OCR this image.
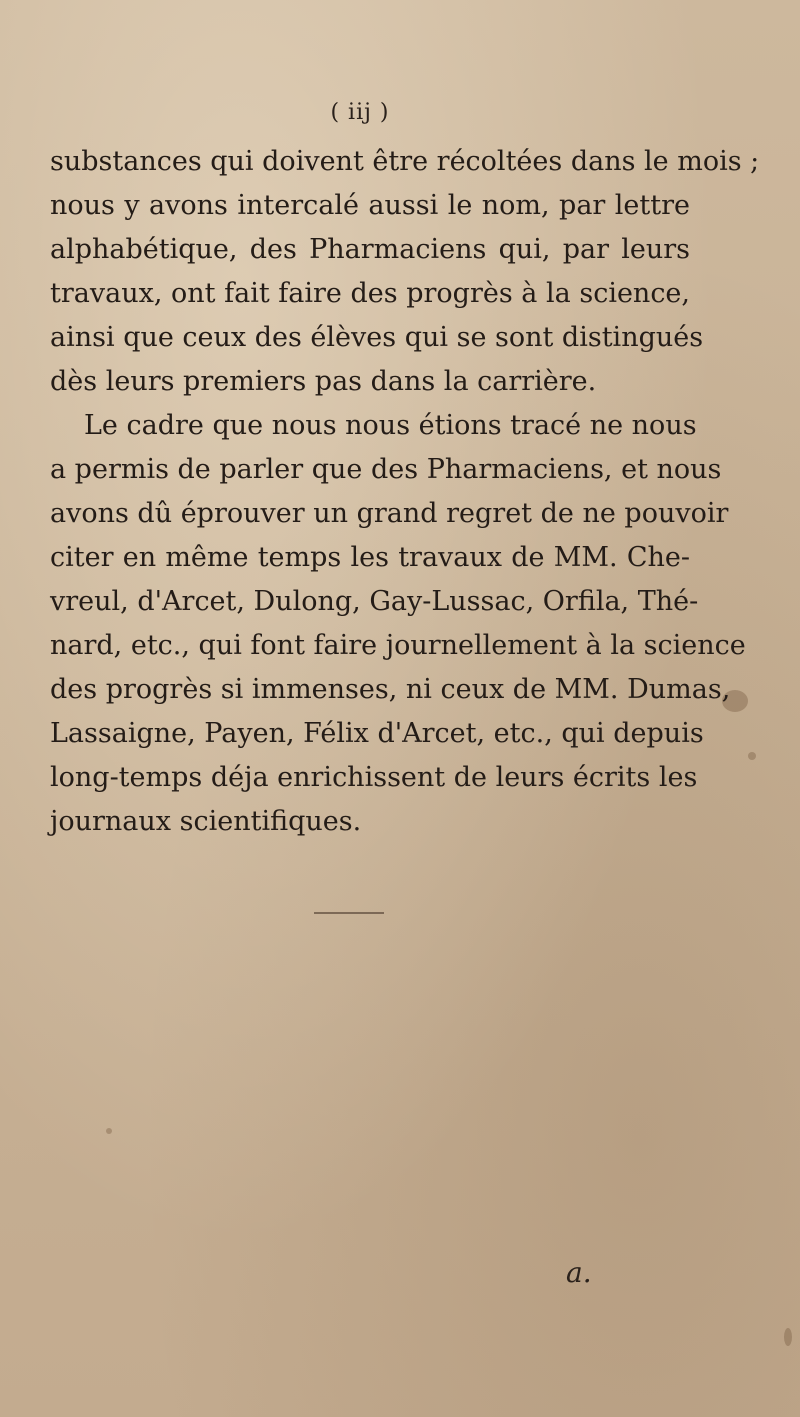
( iij )
substances qui doivent être récoltées dans le mois ;
nous y avons intercalé aussi le nom, par lettre
alphabétique, des Pharmaciens qui, par leurs
travaux, ont fait faire des progrès à la science,
ainsi que ceux des élèves qui se sont distingués
dès leurs premiers pas dans la carrière.
Le cadre que nous nous étions tracé ne nous
a permis de parler que des Pharmaciens, et nous
avons dû éprouver un grand regret de ne pouvoir
citer en même temps les travaux de MM. Che-
vreul, d'Arcet, Dulong, Gay-Lussac, Orfila, Thé-
nard, etc., qui font faire journellement à la science
des progrès si immenses, ni ceux de MM. Dumas,
Lassaigne, Payen, Félix d'Arcet, etc., qui depuis
long-temps déja enrichissent de leurs écrits les
journaux scientifiques.
a.
